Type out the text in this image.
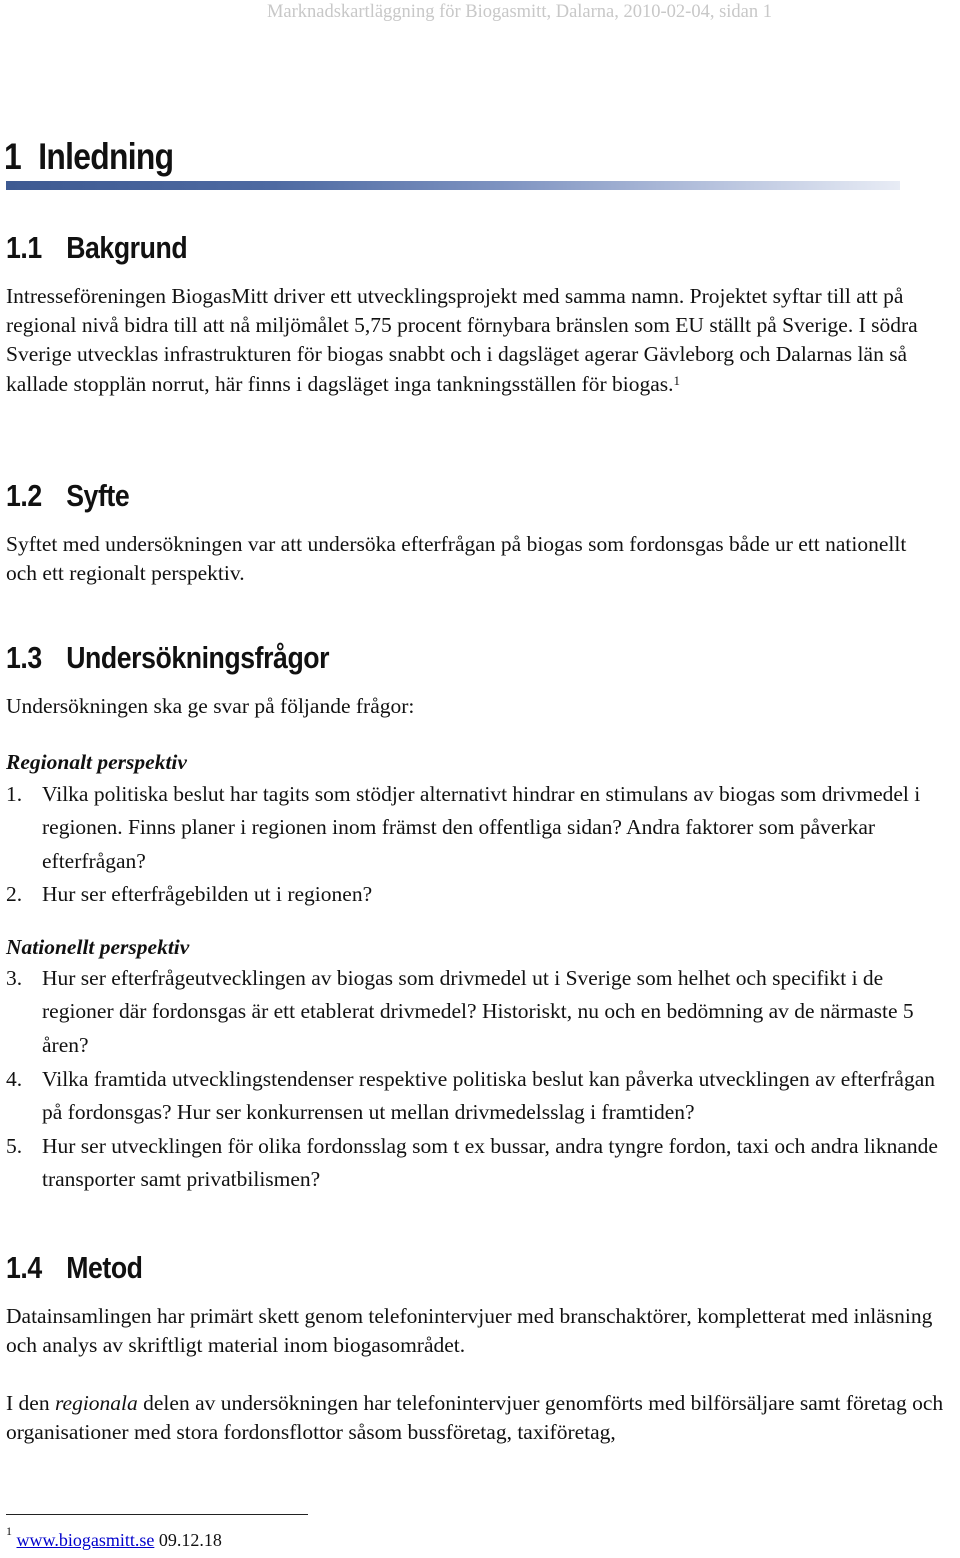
Marknadskartläggning för Biogasmitt, Dalarna, 2010-02-04, sidan 1
1 Inledning
1.1 Bakgrund

Intresseföreningen BiogasMitt driver ett utvecklingsprojekt med samma namn. Projektet syftar till att på regional nivå bidra till att nå miljömålet 5,75 procent förnybara bränslen som EU ställt på Sverige. I södra Sverige utvecklas infrastrukturen för biogas snabbt och i dagsläget agerar Gävleborg och Dalarnas län så kallade stopplän norrut, här finns i dagsläget inga tankningsställen för biogas.$^1$

1.2 Syfte

Syftet med undersökningen var att undersöka efterfrågan på biogas som fordonsgas både ur ett nationellt och ett regionalt perspektiv.

1.3 Undersökningsfrågor

Undersökningen ska ge svar på följande frågor:

Regionalt perspektiv
1. Vilka politiska beslut har tagits som stödjer alternativt hindrar en stimulans av biogas som drivmedel i regionen. Finns planer i regionen inom främst den offentliga sidan? Andra faktorer som påverkar efterfrågan?
2. Hur ser efterfrågebilden ut i regionen?
Nationellt perspektiv
3. Hur ser efterfrågeutvecklingen av biogas som drivmedel ut i Sverige som helhet och specifikt i de regioner där fordonsgas är ett etablerat drivmedel? Historiskt, nu och en bedömning av de närmaste 5 åren?
4. Vilka framtida utvecklingstendenser respektive politiska beslut kan påverka utvecklingen av efterfrågan på fordonsgas? Hur ser konkurrensen ut mellan drivmedelsslag i framtiden?
5. Hur ser utvecklingen för olika fordonsslag som t ex bussar, andra tyngre fordon, taxi och andra liknande transporter samt privatbilismen?
1.4 Metod

Datainsamlingen har primärt skett genom telefonintervjuer med branschaktörer, kompletterat med inläsning och analys av skriftligt material inom biogasområdet.

I den regionala delen av undersökningen har telefonintervjuer genomförts med bilförsäljare samt företag och organisationer med stora fordonsflottor såsom bussföretag, taxiföretag,

$^1$ www.biogasmitt.se 09.12.18
